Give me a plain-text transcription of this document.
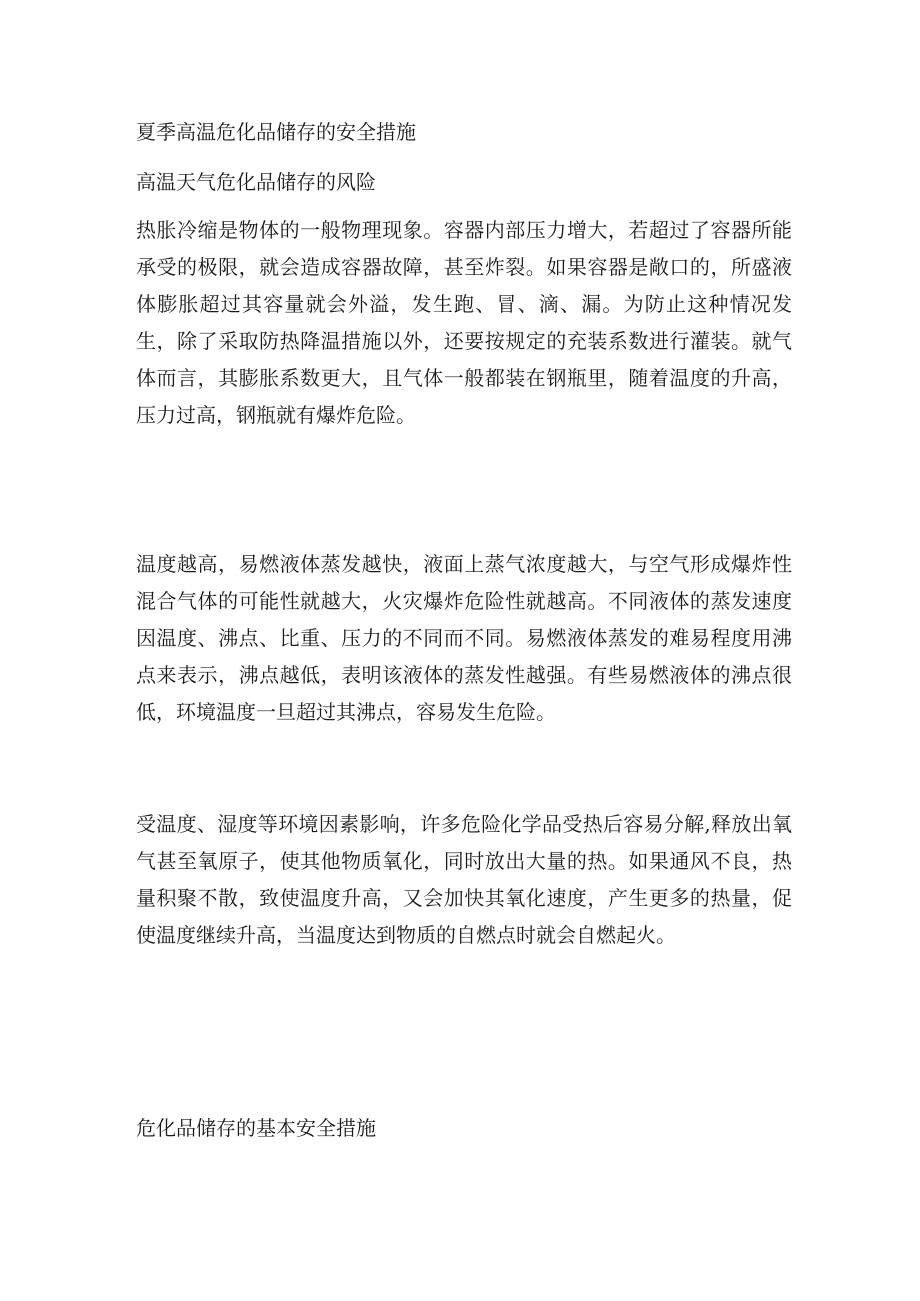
夏季高温危化品储存的安全措施
高温天气危化品储存的风险

热胀冷缩是物体的一般物理现象。容器内部压力增大，若超过了容器所能承受的极限，就会造成容器故障，甚至炸裂。如果容器是敞口的，所盛液体膨胀超过其容量就会外溢，发生跑、冒、滴、漏。为防止这种情况发生，除了采取防热降温措施以外，还要按规定的充装系数进行灌装。就气体而言，其膨胀系数更大，且气体一般都装在钢瓶里，随着温度的升高，压力过高，钢瓶就有爆炸危险。

温度越高，易燃液体蒸发越快，液面上蒸气浓度越大，与空气形成爆炸性混合气体的可能性就越大，火灾爆炸危险性就越高。不同液体的蒸发速度因温度、沸点、比重、压力的不同而不同。易燃液体蒸发的难易程度用沸点来表示，沸点越低，表明该液体的蒸发性越强。有些易燃液体的沸点很低，环境温度一旦超过其沸点，容易发生危险。

受温度、湿度等环境因素影响，许多危险化学品受热后容易分解,释放出氧气甚至氧原子，使其他物质氧化，同时放出大量的热。如果通风不良，热量积聚不散，致使温度升高，又会加快其氧化速度，产生更多的热量，促使温度继续升高，当温度达到物质的自燃点时就会自燃起火。

危化品储存的基本安全措施
